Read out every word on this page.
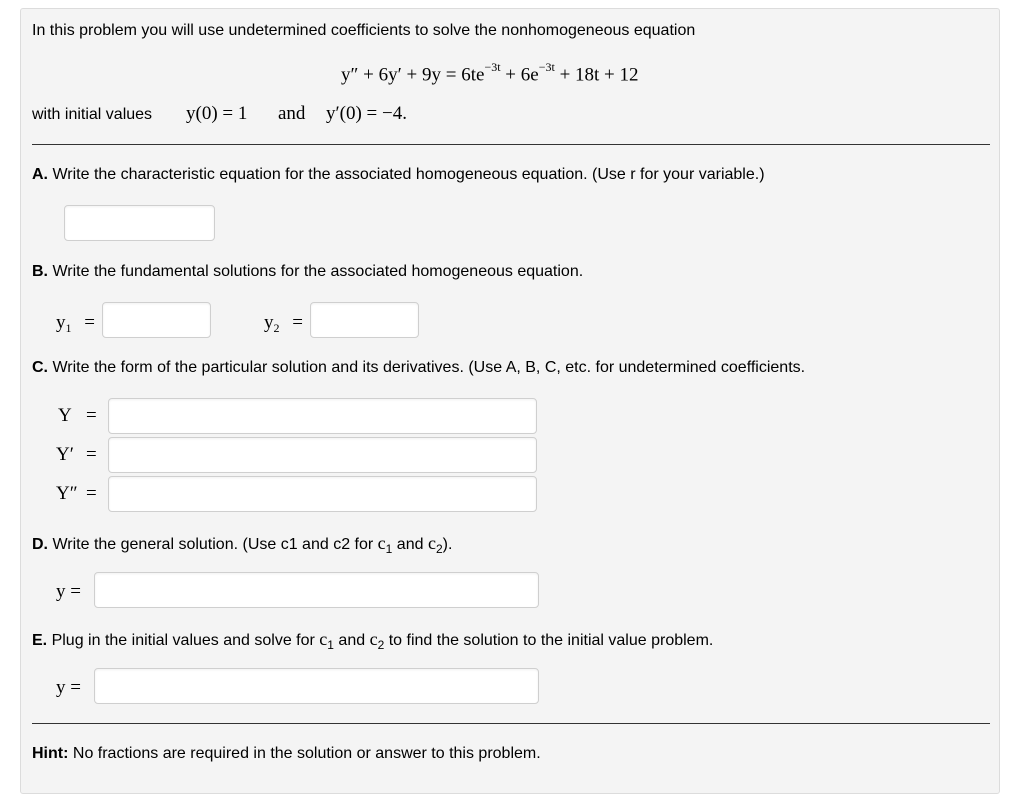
In this problem you will use undetermined coefficients to solve the nonhomogeneous equation
$y'' + 6y' + 9y = 6te^{-3t} + 6e^{-3t} + 18t + 12$
with initial values y(0) = 1 and y′(0) = −4.
A. Write the characteristic equation for the associated homogeneous equation. (Use r for your variable.)
B. Write the fundamental solutions for the associated homogeneous equation.
$y_1$ =	$y_2$ =
C. Write the form of the particular solution and its derivatives. (Use A, B, C, etc. for undetermined coefficients.
Y =
Y′ =
Y″ =
D. Write the general solution. (Use c1 and c2 for $c_1$ and $c_2$).
y =
E. Plug in the initial values and solve for $c_1$ and $c_2$ to find the solution to the initial value problem.
y =
Hint: No fractions are required in the solution or answer to this problem.
